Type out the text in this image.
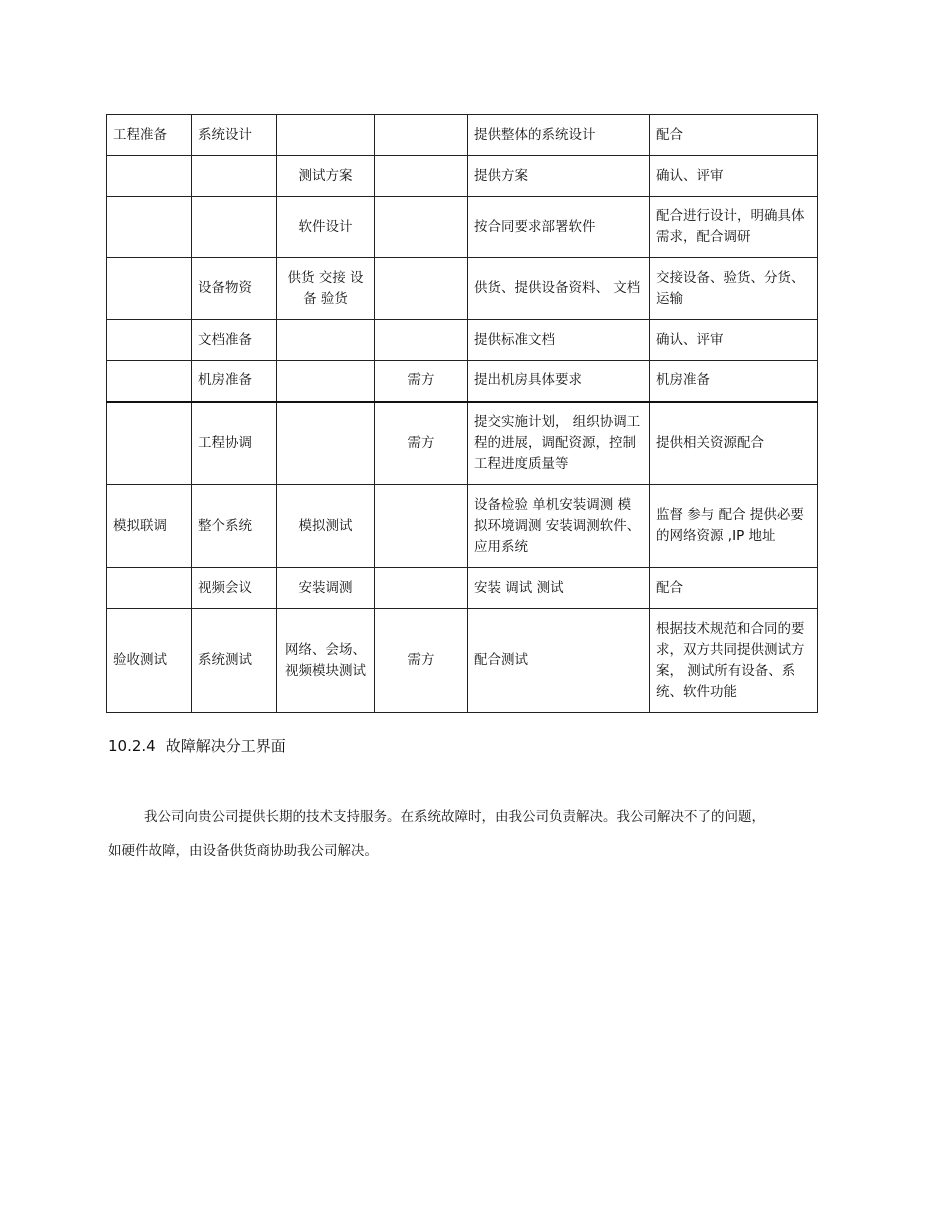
工程准备	系统设计			提供整体的系统设计	配合
		测试方案		提供方案	确认、评审
		软件设计		按合同要求部署软件	配合进行设计，明确具体需求，配合调研
	设备物资	供货 交接 设备 验货		供货、提供设备资料、 文档	交接设备、验货、分货、运输
	文档准备			提供标准文档	确认、评审
	机房准备		需方	提出机房具体要求	机房准备
	工程协调		需方	提交实施计划， 组织协调工程的进展，调配资源，控制工程进度质量等	提供相关资源配合
模拟联调	整个系统	模拟测试		设备检验 单机安装调测 模拟环境调测 安装调测软件、应用系统	监督 参与 配合 提供必要的网络资源 ,IP 地址
	视频会议	安装调测		安装 调试 测试	配合
验收测试	系统测试	网络、会场、视频模块测试	需方	配合测试	根据技术规范和合同的要求，双方共同提供测试方案， 测试所有设备、系统、软件功能
10.2.4 故障解决分工界面

我公司向贵公司提供长期的技术支持服务。在系统故障时，由我公司负责解决。我公司解决不了的问题，如硬件故障，由设备供货商协助我公司解决。
